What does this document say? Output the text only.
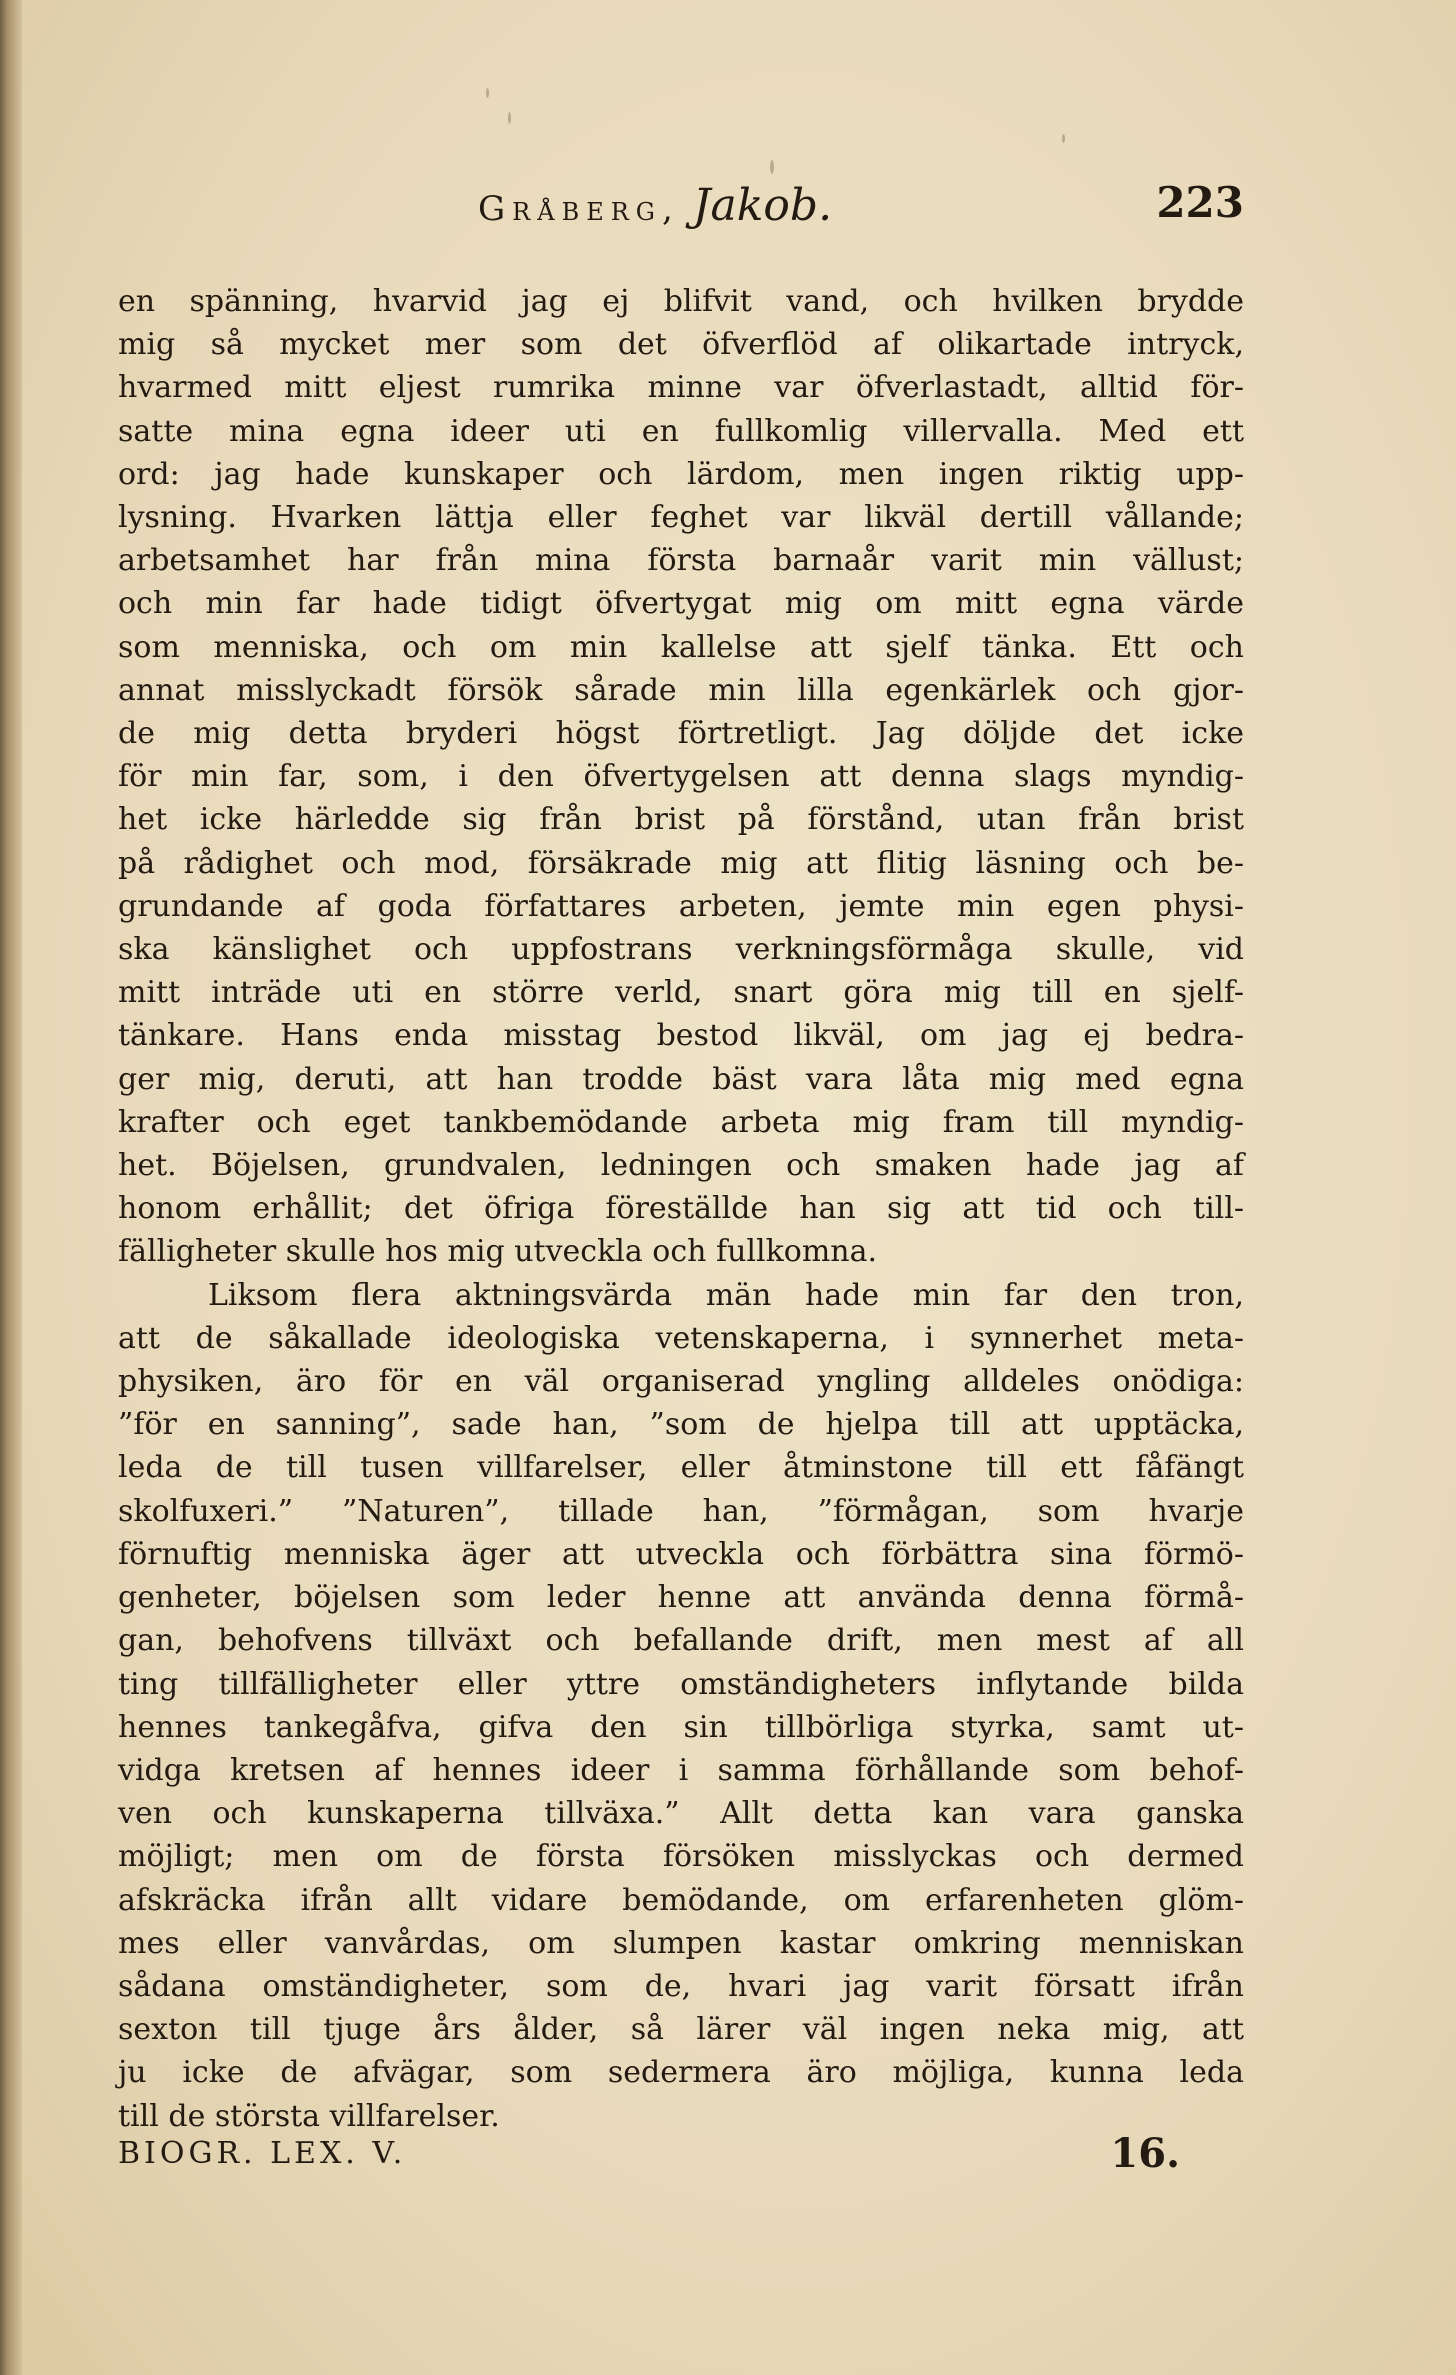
Gråberg, Jakob.	223

en spänning, hvarvid jag ej blifvit vand, och hvilken brydde

mig så mycket mer som det öfverflöd af olikartade intryck,

hvarmed mitt eljest rumrika minne var öfverlastadt, alltid för-

satte mina egna ideer uti en fullkomlig villervalla. Med ett

ord: jag hade kunskaper och lärdom, men ingen riktig upp-

lysning. Hvarken lättja eller feghet var likväl dertill vållande;

arbetsamhet har från mina första barnaår varit min vällust;

och min far hade tidigt öfvertygat mig om mitt egna värde

som menniska, och om min kallelse att sjelf tänka. Ett och

annat misslyckadt försök sårade min lilla egenkärlek och gjor-

de mig detta bryderi högst förtretligt. Jag döljde det icke

för min far, som, i den öfvertygelsen att denna slags myndig-

het icke härledde sig från brist på förstånd, utan från brist

på rådighet och mod, försäkrade mig att flitig läsning och be-

grundande af goda författares arbeten, jemte min egen physi-

ska känslighet och uppfostrans verkningsförmåga skulle, vid

mitt inträde uti en större verld, snart göra mig till en sjelf-

tänkare. Hans enda misstag bestod likväl, om jag ej bedra-

ger mig, deruti, att han trodde bäst vara låta mig med egna

krafter och eget tankbemödande arbeta mig fram till myndig-

het. Böjelsen, grundvalen, ledningen och smaken hade jag af

honom erhållit; det öfriga föreställde han sig att tid och till-

fälligheter skulle hos mig utveckla och fullkomna.

Liksom flera aktningsvärda män hade min far den tron,

att de såkallade ideologiska vetenskaperna, i synnerhet meta-

physiken, äro för en väl organiserad yngling alldeles onödiga:

”för en sanning”, sade han, ”som de hjelpa till att upptäcka,

leda de till tusen villfarelser, eller åtminstone till ett fåfängt

skolfuxeri.” ”Naturen”, tillade han, ”förmågan, som hvarje

förnuftig menniska äger att utveckla och förbättra sina förmö-

genheter, böjelsen som leder henne att använda denna förmå-

gan, behofvens tillväxt och befallande drift, men mest af all

ting tillfälligheter eller yttre omständigheters inflytande bilda

hennes tankegåfva, gifva den sin tillbörliga styrka, samt ut-

vidga kretsen af hennes ideer i samma förhållande som behof-

ven och kunskaperna tillväxa.” Allt detta kan vara ganska

möjligt; men om de första försöken misslyckas och dermed

afskräcka ifrån allt vidare bemödande, om erfarenheten glöm-

mes eller vanvårdas, om slumpen kastar omkring menniskan

sådana omständigheter, som de, hvari jag varit försatt ifrån

sexton till tjuge års ålder, så lärer väl ingen neka mig, att

ju icke de afvägar, som sedermera äro möjliga, kunna leda

till de största villfarelser.

BIOGR. LEX. V.	16.
